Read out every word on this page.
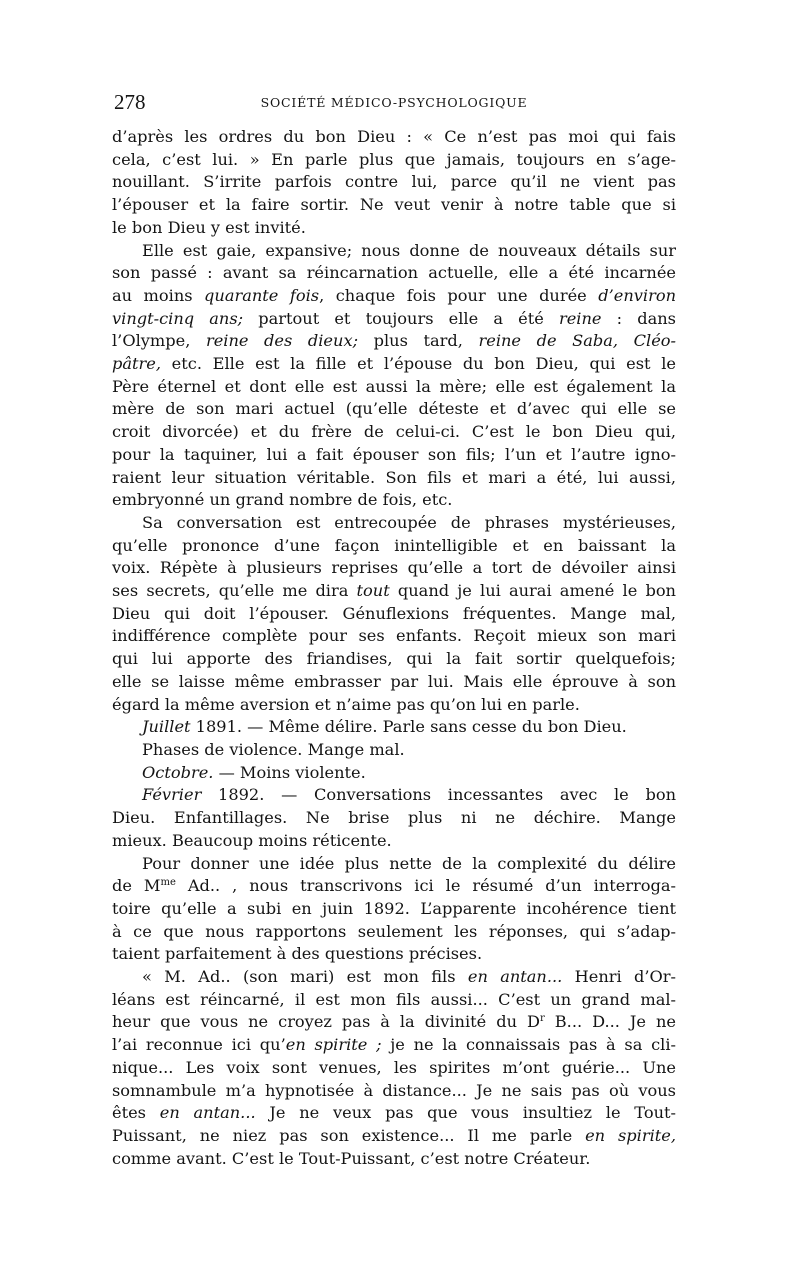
278	SOCIÉTÉ MÉDICO-PSYCHOLOGIQUE
d’après les ordres du bon Dieu : « Ce n’est pas moi qui fais
cela, c’est lui. » En parle plus que jamais, toujours en s’age-
nouillant. S’irrite parfois contre lui, parce qu’il ne vient pas
l’épouser et la faire sortir. Ne veut venir à notre table que si
le bon Dieu y est invité.
Elle est gaie, expansive; nous donne de nouveaux détails sur
son passé : avant sa réincarnation actuelle, elle a été incarnée
au moins quarante fois, chaque fois pour une durée d’environ
vingt-cinq ans; partout et toujours elle a été reine : dans
l’Olympe, reine des dieux; plus tard, reine de Saba, Cléo-
pâtre, etc. Elle est la fille et l’épouse du bon Dieu, qui est le
Père éternel et dont elle est aussi la mère; elle est également la
mère de son mari actuel (qu’elle déteste et d’avec qui elle se
croit divorcée) et du frère de celui-ci. C’est le bon Dieu qui,
pour la taquiner, lui a fait épouser son fils; l’un et l’autre igno-
raient leur situation véritable. Son fils et mari a été, lui aussi,
embryonné un grand nombre de fois, etc.
Sa conversation est entrecoupée de phrases mystérieuses,
qu’elle prononce d’une façon inintelligible et en baissant la
voix. Répète à plusieurs reprises qu’elle a tort de dévoiler ainsi
ses secrets, qu’elle me dira tout quand je lui aurai amené le bon
Dieu qui doit l’épouser. Génuflexions fréquentes. Mange mal,
indifférence complète pour ses enfants. Reçoit mieux son mari
qui lui apporte des friandises, qui la fait sortir quelquefois;
elle se laisse même embrasser par lui. Mais elle éprouve à son
égard la même aversion et n’aime pas qu’on lui en parle.
Juillet 1891. — Même délire. Parle sans cesse du bon Dieu.
Phases de violence. Mange mal.
Octobre. — Moins violente.
Février 1892. — Conversations incessantes avec le bon
Dieu. Enfantillages. Ne brise plus ni ne déchire. Mange
mieux. Beaucoup moins réticente.
Pour donner une idée plus nette de la complexité du délire
de $M^{me}$ Ad.. , nous transcrivons ici le résumé d’un interroga-
toire qu’elle a subi en juin 1892. L’apparente incohérence tient
à ce que nous rapportons seulement les réponses, qui s’adap-
taient parfaitement à des questions précises.
« M. Ad.. (son mari) est mon fils en antan... Henri d’Or-
léans est réincarné, il est mon fils aussi... C’est un grand mal-
heur que vous ne croyez pas à la divinité du $D^r$ B... D... Je ne
l’ai reconnue ici qu’en spirite ; je ne la connaissais pas à sa cli-
nique... Les voix sont venues, les spirites m’ont guérie... Une
somnambule m’a hypnotisée à distance... Je ne sais pas où vous
êtes en antan... Je ne veux pas que vous insultiez le Tout-
Puissant, ne niez pas son existence... Il me parle en spirite,
comme avant. C’est le Tout-Puissant, c’est notre Créateur.
